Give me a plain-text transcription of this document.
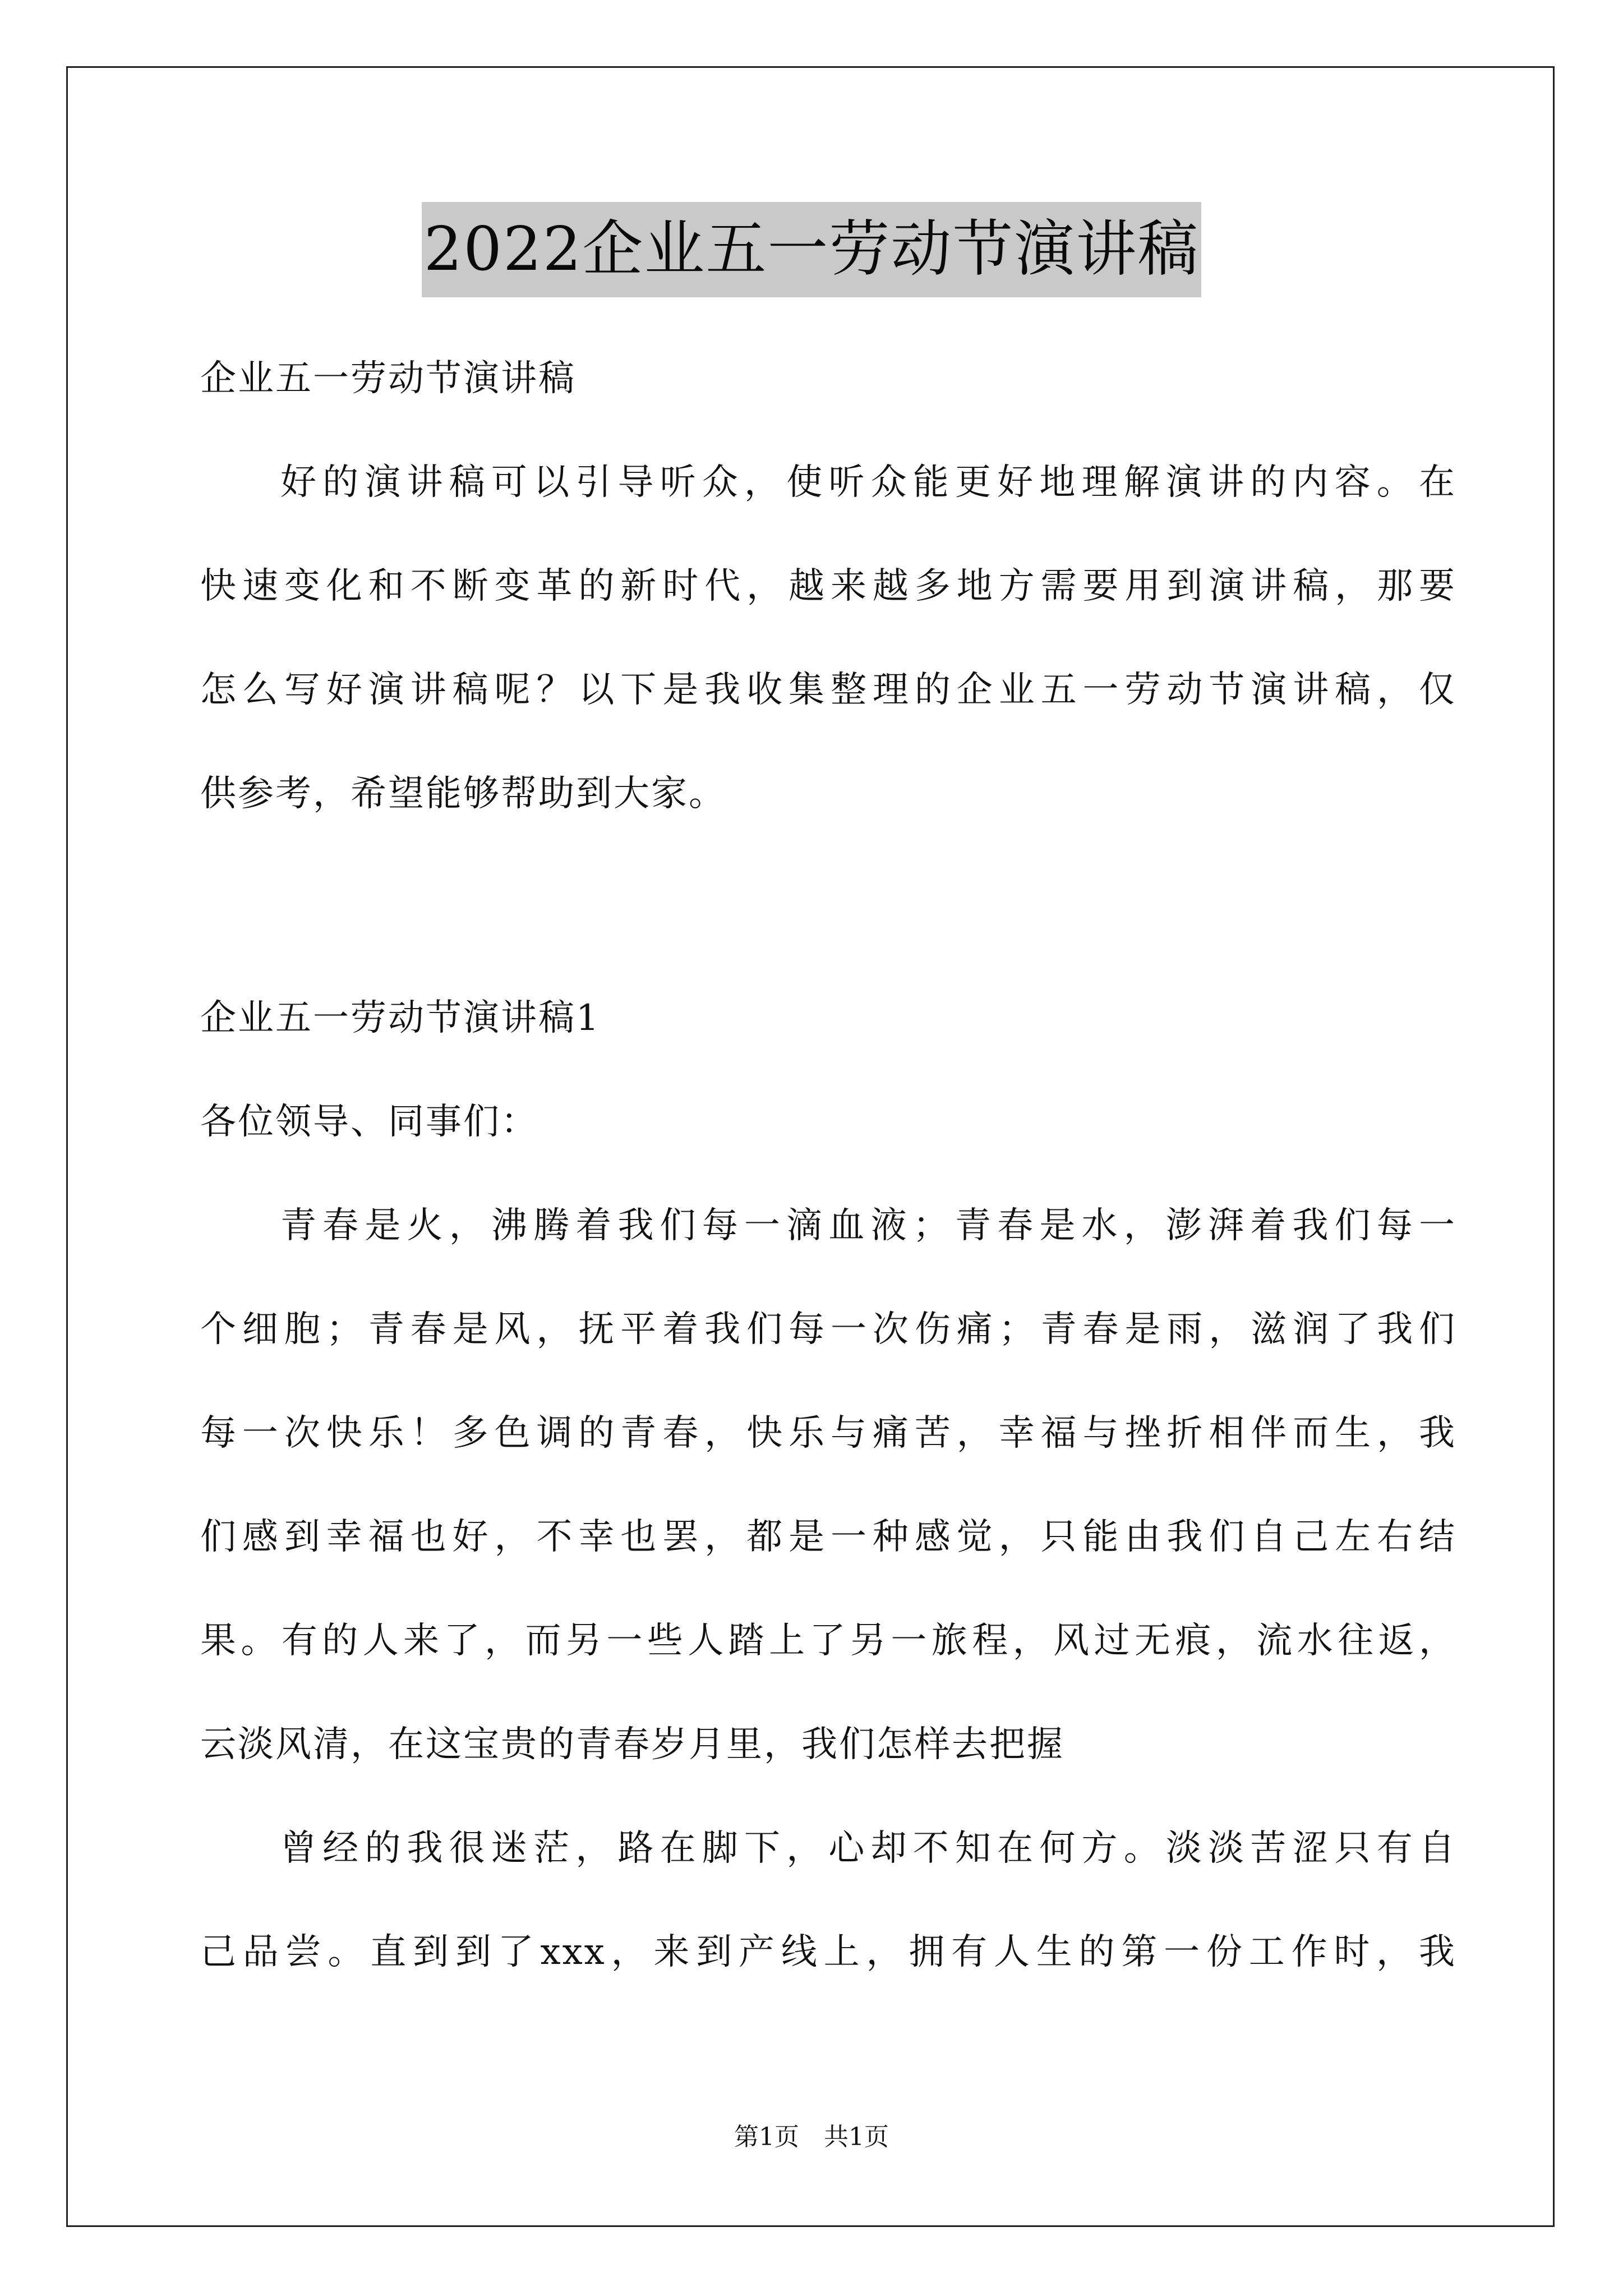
2022企业五一劳动节演讲稿
企业五一劳动节演讲稿
好的演讲稿可以引导听众，使听众能更好地理解演讲的内容。在
快速变化和不断变革的新时代，越来越多地方需要用到演讲稿，那要
怎么写好演讲稿呢？以下是我收集整理的企业五一劳动节演讲稿，仅
供参考，希望能够帮助到大家。
企业五一劳动节演讲稿1
各位领导、同事们：
青春是火，沸腾着我们每一滴血液；青春是水，澎湃着我们每一
个细胞；青春是风，抚平着我们每一次伤痛；青春是雨，滋润了我们
每一次快乐！多色调的青春，快乐与痛苦，幸福与挫折相伴而生，我
们感到幸福也好，不幸也罢，都是一种感觉，只能由我们自己左右结
果。有的人来了，而另一些人踏上了另一旅程，风过无痕，流水往返，
云淡风清，在这宝贵的青春岁月里，我们怎样去把握
曾经的我很迷茫，路在脚下，心却不知在何方。淡淡苦涩只有自
己品尝。直到到了xxx，来到产线上，拥有人生的第一份工作时，我
第1页　共1页
